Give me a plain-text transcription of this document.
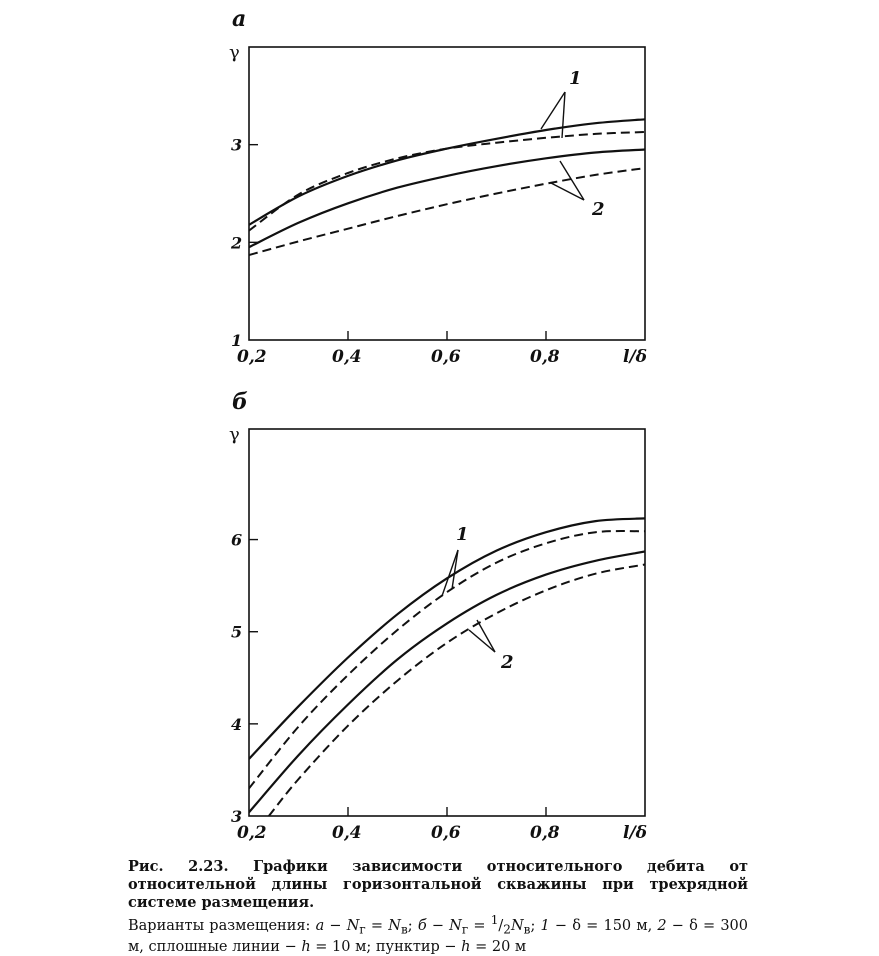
а
γ
0,2	0,4	0,6	0,8	l/δ
1
2
3
1
2
б
γ
0,2	0,4	0,6	0,8	l/δ
3
4
5
6	1
2
Рис. 2.23. Графики зависимости относительного дебита от относительной длины горизонтальной скважины при трехрядной системе размещения.
Варианты размещения: $а - N_г = N_в$; $б - N_г = ^1/_2N_в$; 1 − δ = 150 м, 2 − δ = 300 м, сплошные линии − h = 10 м; пунктир − h = 20 м
